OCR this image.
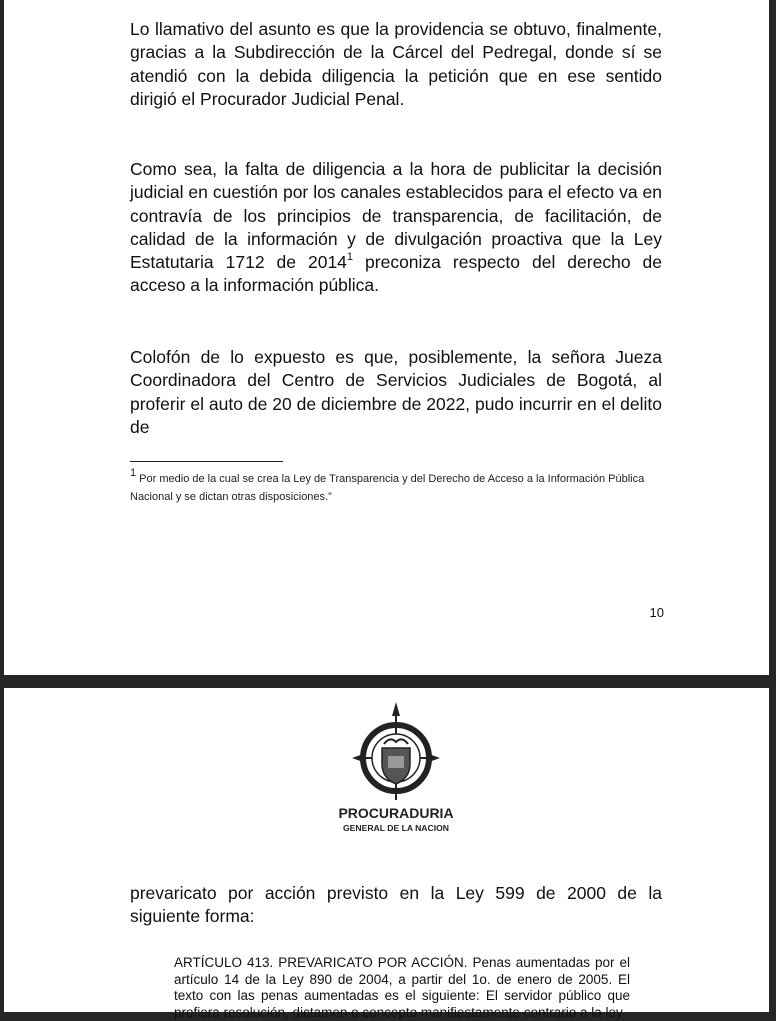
Lo llamativo del asunto es que la providencia se obtuvo, finalmente, gracias a la Subdirección de la Cárcel del Pedregal, donde sí se atendió con la debida diligencia la petición que en ese sentido dirigió el Procurador Judicial Penal.

Como sea, la falta de diligencia a la hora de publicitar la decisión judicial en cuestión por los canales establecidos para el efecto va en contravía de los principios de transparencia, de facilitación, de calidad de la información y de divulgación proactiva que la Ley Estatutaria 1712 de 2014$^1$ preconiza respecto del derecho de acceso a la información pública.

Colofón de lo expuesto es que, posiblemente, la señora Jueza Coordinadora del Centro de Servicios Judiciales de Bogotá, al proferir el auto de 20 de diciembre de 2022, pudo incurrir en el delito de

$^1$ Por medio de la cual se crea la Ley de Transparencia y del Derecho de Acceso a la Información Pública Nacional y se dictan otras disposiciones.”

10
PROCURADURIA
GENERAL DE LA NACION

prevaricato por acción previsto en la Ley 599 de 2000 de la siguiente forma:

ARTÍCULO 413. PREVARICATO POR ACCIÓN. Penas aumentadas por el artículo 14 de la Ley 890 de 2004, a partir del 1o. de enero de 2005. El texto con las penas aumentadas es el siguiente: El servidor público que profiera resolución, dictamen o concepto manifiestamente contrario a la ley
